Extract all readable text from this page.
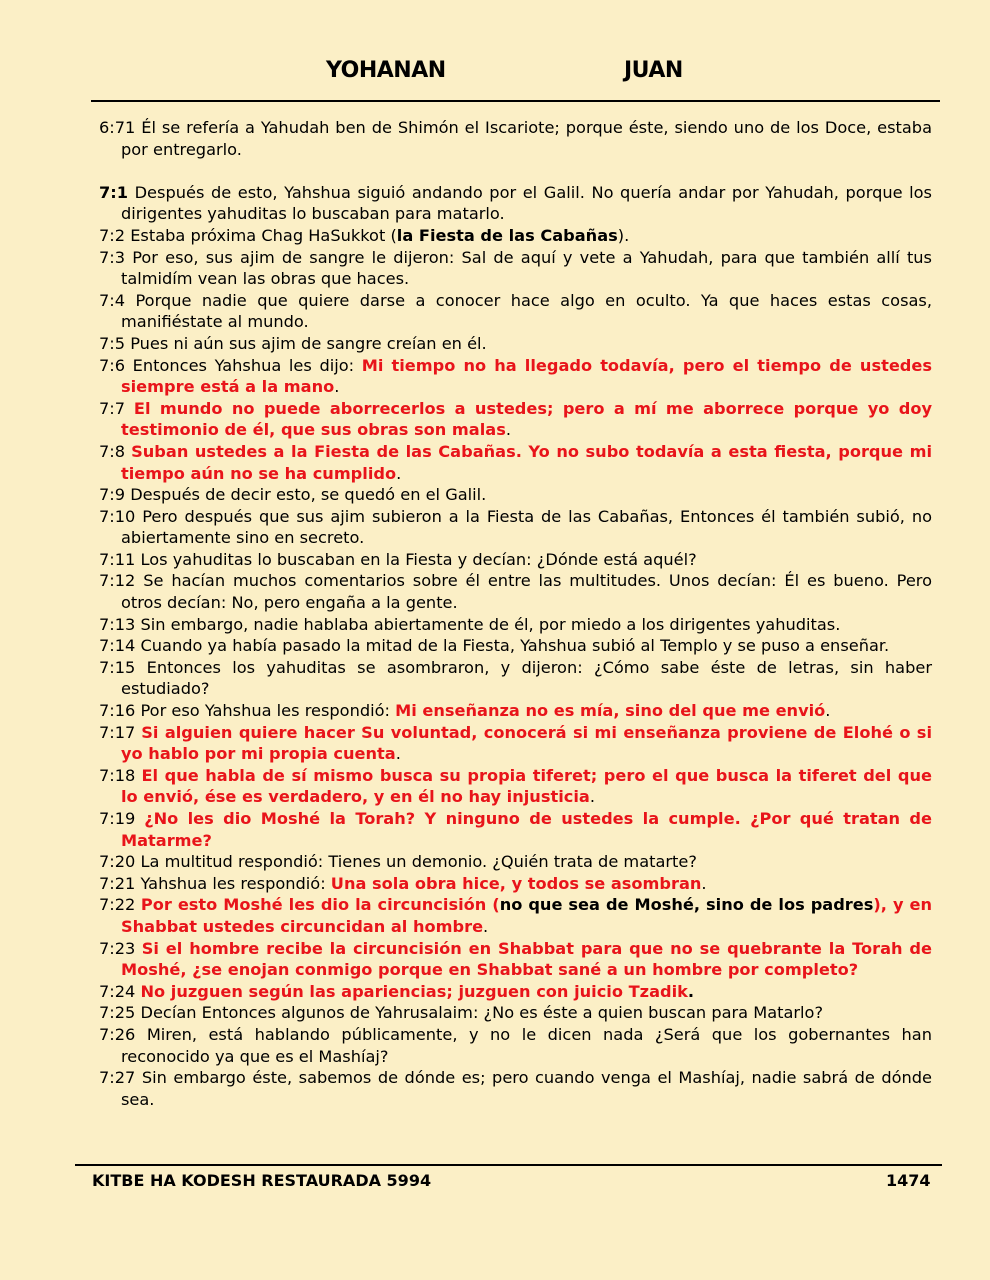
YOHANAN	JUAN

6:71 Él se refería a Yahudah ben de Shimón el Iscariote; porque éste, siendo uno de los Doce, estaba por entregarlo.

7:1 Después de esto, Yahshua siguió andando por el Galil. No quería andar por Yahudah, porque los dirigentes yahuditas lo buscaban para matarlo.

7:2 Estaba próxima Chag HaSukkot (la Fiesta de las Cabañas).

7:3 Por eso, sus ajim de sangre le dijeron: Sal de aquí y vete a Yahudah, para que también allí tus talmidím vean las obras que haces.

7:4 Porque nadie que quiere darse a conocer hace algo en oculto. Ya que haces estas cosas, manifiéstate al mundo.

7:5 Pues ni aún sus ajim de sangre creían en él.

7:6 Entonces Yahshua les dijo: Mi tiempo no ha llegado todavía, pero el tiempo de ustedes siempre está a la mano.

7:7 El mundo no puede aborrecerlos a ustedes; pero a mí me aborrece porque yo doy testimonio de él, que sus obras son malas.

7:8 Suban ustedes a la Fiesta de las Cabañas. Yo no subo todavía a esta fiesta, porque mi tiempo aún no se ha cumplido.

7:9 Después de decir esto, se quedó en el Galil.

7:10 Pero después que sus ajim subieron a la Fiesta de las Cabañas, Entonces él también subió, no abiertamente sino en secreto.

7:11 Los yahuditas lo buscaban en la Fiesta y decían: ¿Dónde está aquél?

7:12 Se hacían muchos comentarios sobre él entre las multitudes. Unos decían: Él es bueno. Pero otros decían: No, pero engaña a la gente.

7:13 Sin embargo, nadie hablaba abiertamente de él, por miedo a los dirigentes yahuditas.

7:14 Cuando ya había pasado la mitad de la Fiesta, Yahshua subió al Templo y se puso a enseñar.

7:15 Entonces los yahuditas se asombraron, y dijeron: ¿Cómo sabe éste de letras, sin haber estudiado?

7:16 Por eso Yahshua les respondió: Mi enseñanza no es mía, sino del que me envió.

7:17 Si alguien quiere hacer Su voluntad, conocerá si mi enseñanza proviene de Elohé o si yo hablo por mi propia cuenta.

7:18 El que habla de sí mismo busca su propia tiferet; pero el que busca la tiferet del que lo envió, ése es verdadero, y en él no hay injusticia.

7:19 ¿No les dio Moshé la Torah? Y ninguno de ustedes la cumple. ¿Por qué tratan de Matarme?

7:20 La multitud respondió: Tienes un demonio. ¿Quién trata de matarte?

7:21 Yahshua les respondió: Una sola obra hice, y todos se asombran.

7:22 Por esto Moshé les dio la circuncisión (no que sea de Moshé, sino de los padres), y en Shabbat ustedes circuncidan al hombre.

7:23 Si el hombre recibe la circuncisión en Shabbat para que no se quebrante la Torah de Moshé, ¿se enojan conmigo porque en Shabbat sané a un hombre por completo?

7:24 No juzguen según las apariencias; juzguen con juicio Tzadik.

7:25 Decían Entonces algunos de Yahrusalaim: ¿No es éste a quien buscan para Matarlo?

7:26 Miren, está hablando públicamente, y no le dicen nada ¿Será que los gobernantes han reconocido ya que es el Mashíaj?

7:27 Sin embargo éste, sabemos de dónde es; pero cuando venga el Mashíaj, nadie sabrá de dónde sea.

KITBE HA KODESH RESTAURADA 5994	1474
